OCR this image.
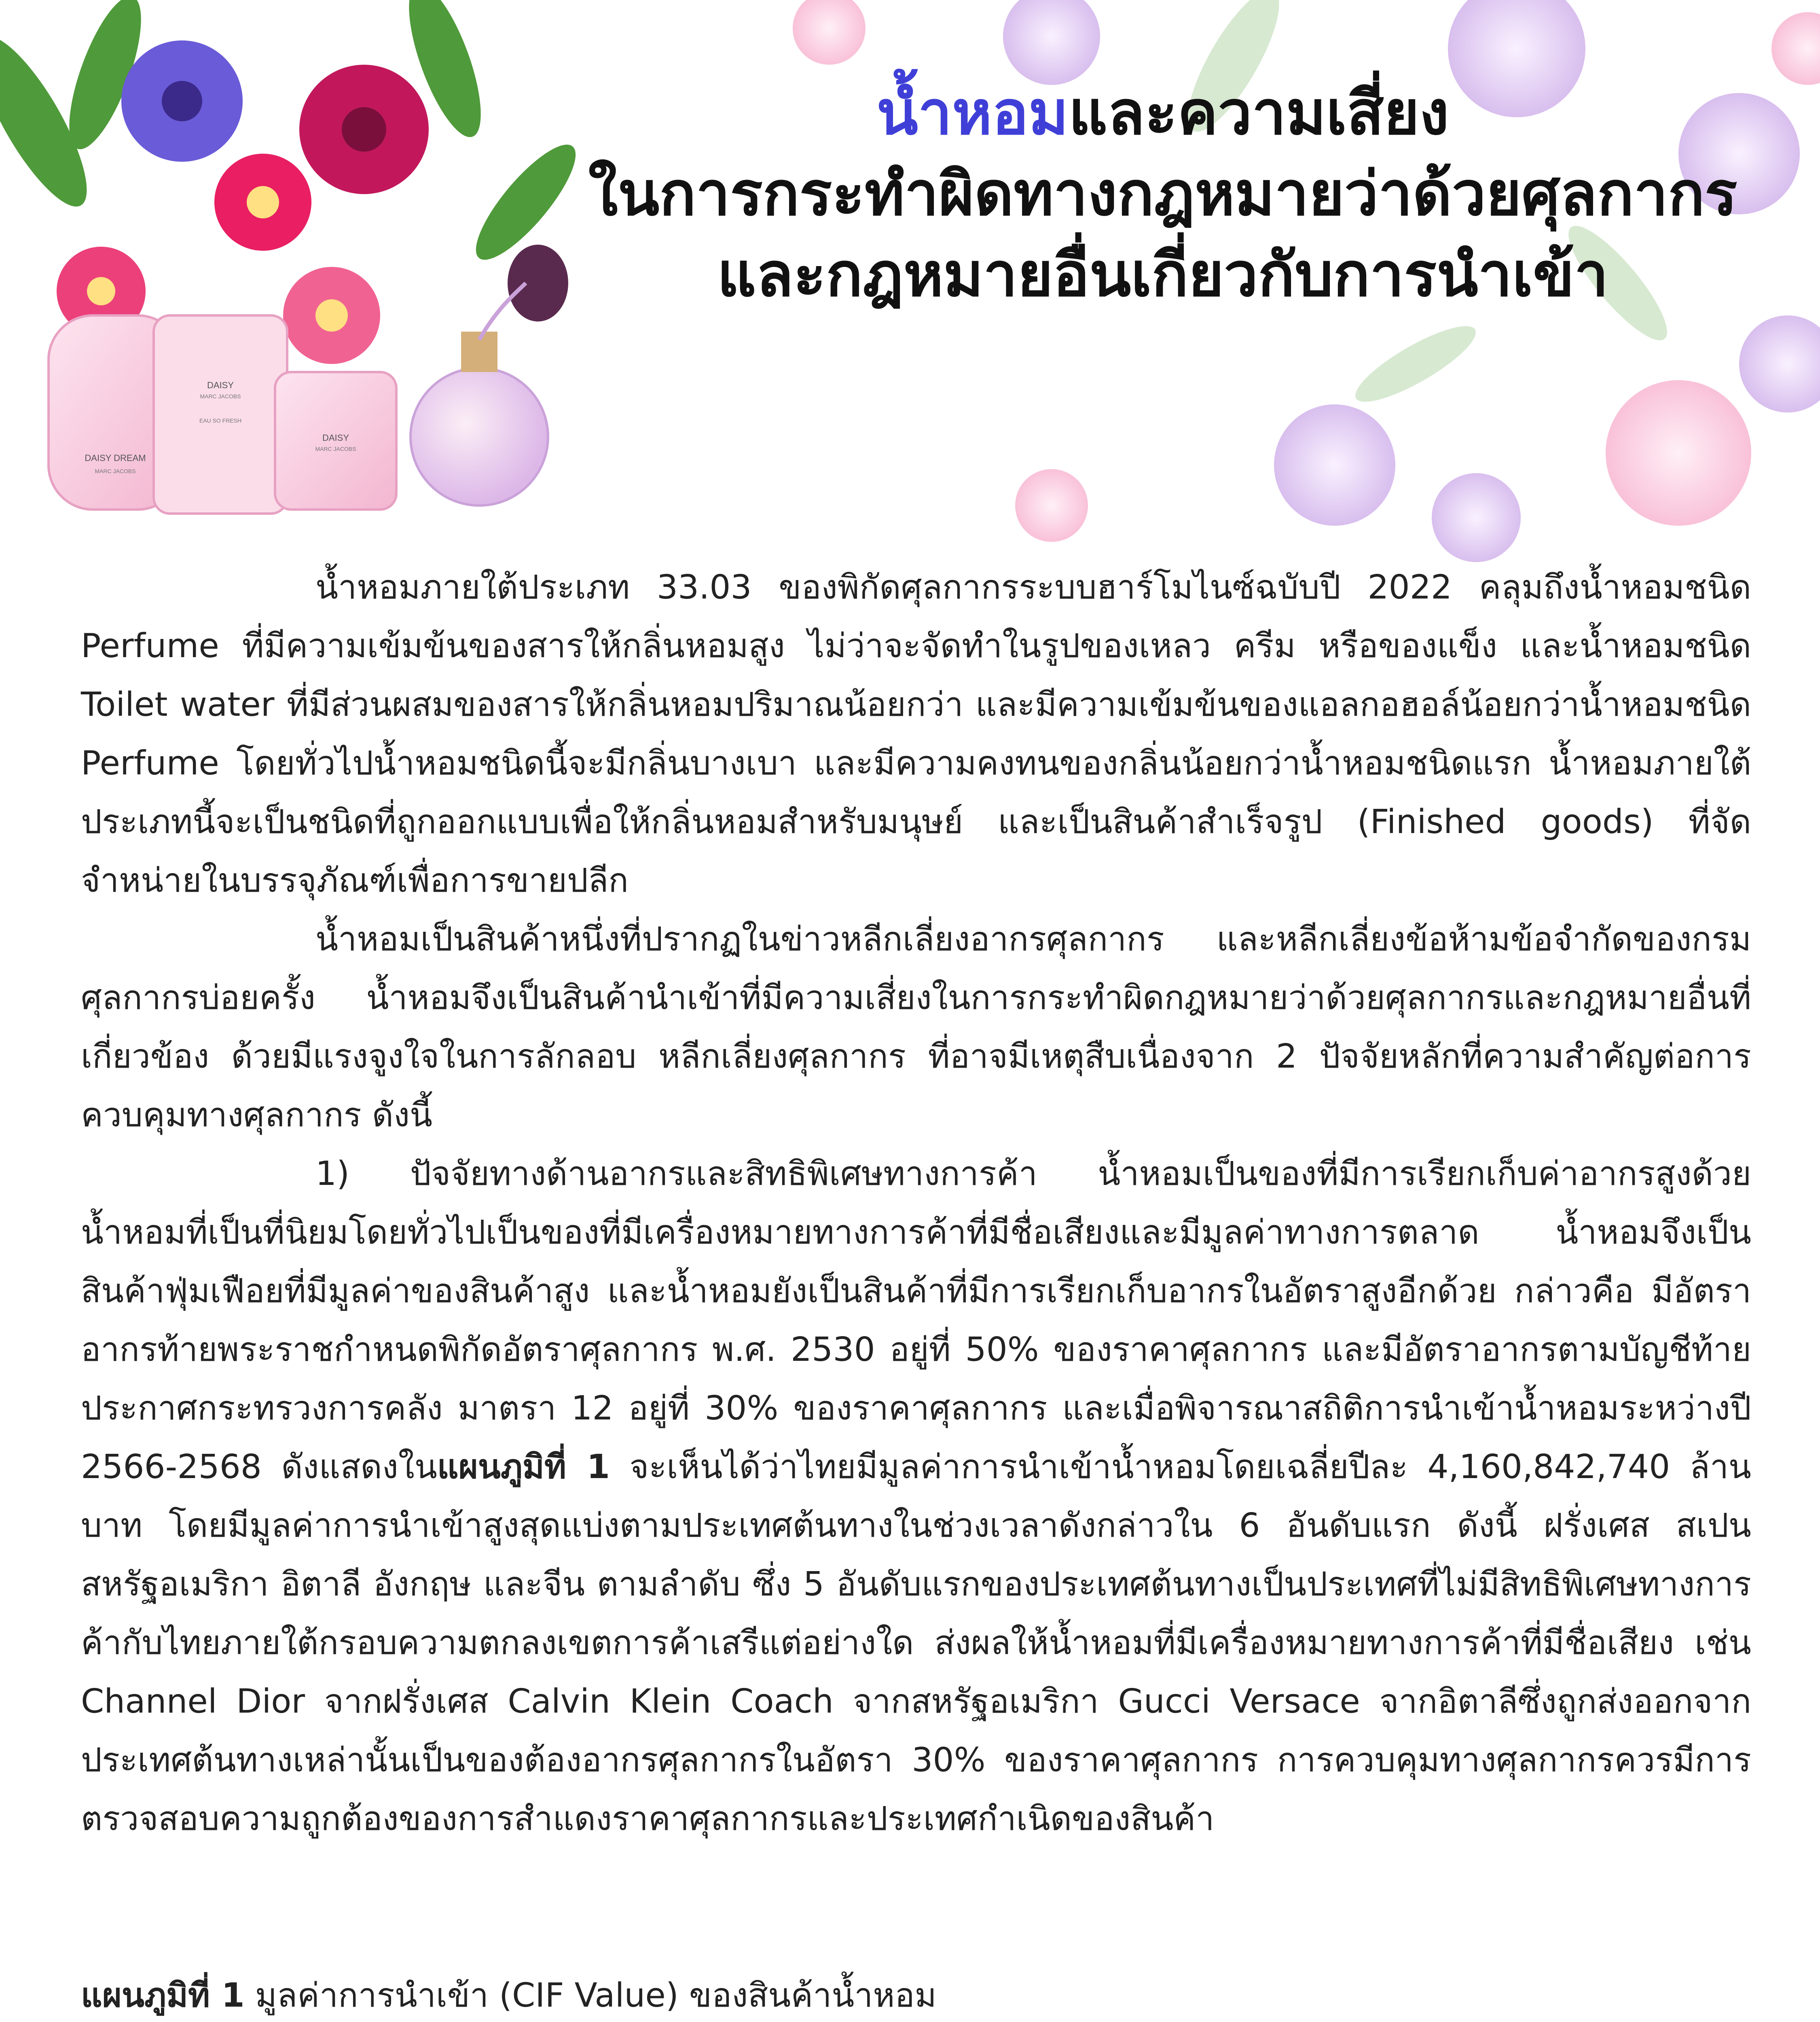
DAISY DREAM
MARC JACOBS
DAISY
MARC JACOBS
EAU SO FRESH
DAISY
MARC JACOBS
น้ำหอมและความเสี่ยง
ในการกระทำผิดทางกฎหมายว่าด้วยศุลกากร
และกฎหมายอื่นเกี่ยวกับการนำเข้า

น้ำหอมภายใต้ประเภท 33.03 ของพิกัดศุลกากรระบบฮาร์โมไนซ์ฉบับปี 2022 คลุมถึงน้ำหอมชนิด Perfume ที่มีความเข้มข้นของสารให้กลิ่นหอมสูง ไม่ว่าจะจัดทำในรูปของเหลว ครีม หรือของแข็ง และน้ำหอมชนิด Toilet water ที่มีส่วนผสมของสารให้กลิ่นหอมปริมาณน้อยกว่า และมีความเข้มข้นของแอลกอฮอล์น้อยกว่าน้ำหอมชนิด Perfume โดยทั่วไปน้ำหอมชนิดนี้จะมีกลิ่นบางเบา และมีความคงทนของกลิ่นน้อยกว่าน้ำหอมชนิดแรก น้ำหอมภายใต้ประเภทนี้จะเป็นชนิดที่ถูกออกแบบเพื่อให้กลิ่นหอมสำหรับมนุษย์ และเป็นสินค้าสำเร็จรูป (Finished goods) ที่จัดจำหน่ายในบรรจุภัณฑ์เพื่อการขายปลีก

น้ำหอมเป็นสินค้าหนึ่งที่ปรากฏในข่าวหลีกเลี่ยงอากรศุลกากร และหลีกเลี่ยงข้อห้ามข้อจำกัดของกรมศุลกากรบ่อยครั้ง น้ำหอมจึงเป็นสินค้านำเข้าที่มีความเสี่ยงในการกระทำผิดกฎหมายว่าด้วยศุลกากรและกฎหมายอื่นที่เกี่ยวข้อง ด้วยมีแรงจูงใจในการลักลอบ หลีกเลี่ยงศุลกากร ที่อาจมีเหตุสืบเนื่องจาก 2 ปัจจัยหลักที่ความสำคัญต่อการควบคุมทางศุลกากร ดังนี้

1) ปัจจัยทางด้านอากรและสิทธิพิเศษทางการค้า น้ำหอมเป็นของที่มีการเรียกเก็บค่าอากรสูงด้วยน้ำหอมที่เป็นที่นิยมโดยทั่วไปเป็นของที่มีเครื่องหมายทางการค้าที่มีชื่อเสียงและมีมูลค่าทางการตลาด น้ำหอมจึงเป็นสินค้าฟุ่มเฟือยที่มีมูลค่าของสินค้าสูง และน้ำหอมยังเป็นสินค้าที่มีการเรียกเก็บอากรในอัตราสูงอีกด้วย กล่าวคือ มีอัตราอากรท้ายพระราชกำหนดพิกัดอัตราศุลกากร พ.ศ. 2530 อยู่ที่ 50% ของราคาศุลกากร และมีอัตราอากรตามบัญชีท้ายประกาศกระทรวงการคลัง มาตรา 12 อยู่ที่ 30% ของราคาศุลกากร และเมื่อพิจารณาสถิติการนำเข้าน้ำหอมระหว่างปี 2566-2568 ดังแสดงในแผนภูมิที่ 1 จะเห็นได้ว่าไทยมีมูลค่าการนำเข้าน้ำหอมโดยเฉลี่ยปีละ 4,160,842,740 ล้านบาท โดยมีมูลค่าการนำเข้าสูงสุดแบ่งตามประเทศต้นทางในช่วงเวลาดังกล่าวใน 6 อันดับแรก ดังนี้ ฝรั่งเศส สเปน สหรัฐอเมริกา อิตาลี อังกฤษ และจีน ตามลำดับ ซึ่ง 5 อันดับแรกของประเทศต้นทางเป็นประเทศที่ไม่มีสิทธิพิเศษทางการค้ากับไทยภายใต้กรอบความตกลงเขตการค้าเสรีแต่อย่างใด ส่งผลให้น้ำหอมที่มีเครื่องหมายทางการค้าที่มีชื่อเสียง เช่น Channel Dior จากฝรั่งเศส Calvin Klein Coach จากสหรัฐอเมริกา Gucci Versace จากอิตาลีซึ่งถูกส่งออกจากประเทศต้นทางเหล่านั้นเป็นของต้องอากรศุลกากรในอัตรา 30% ของราคาศุลกากร การควบคุมทางศุลกากรควรมีการตรวจสอบความถูกต้องของการสำแดงราคาศุลกากรและประเทศกำเนิดของสินค้า

แผนภูมิที่ 1 มูลค่าการนำเข้า (CIF Value) ของสินค้าน้ำหอม
